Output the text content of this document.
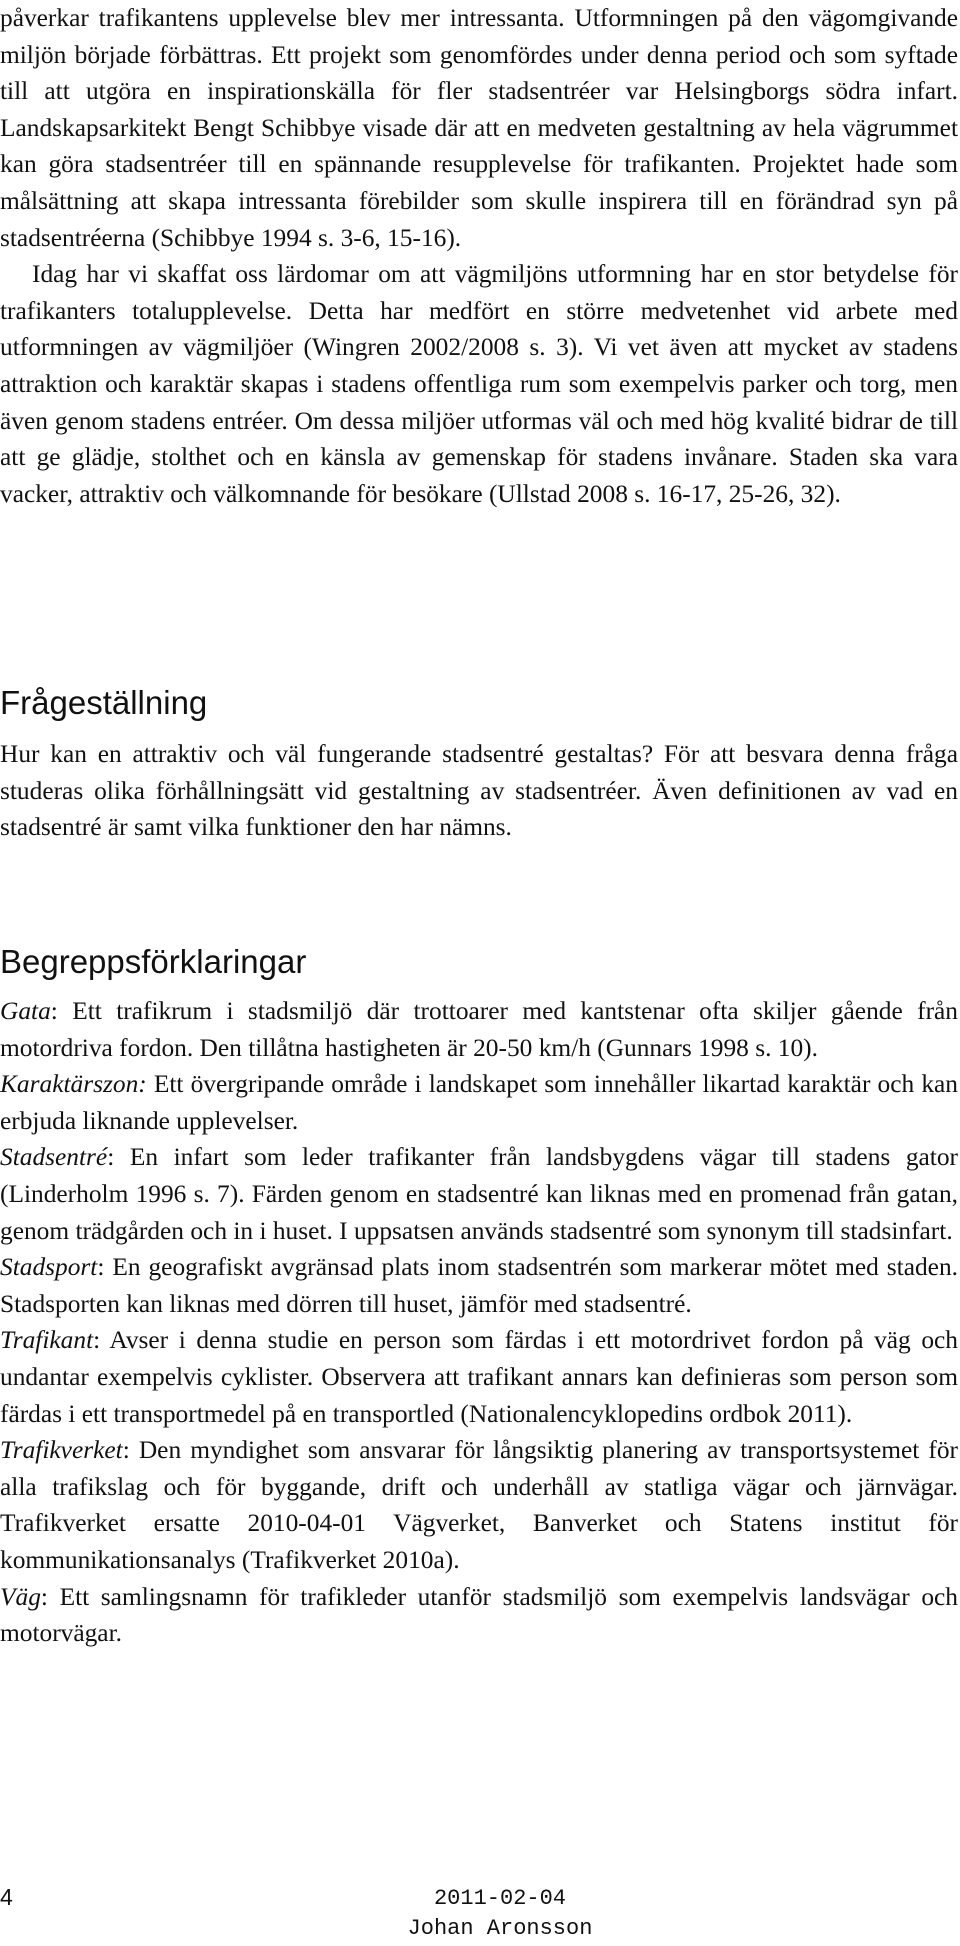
påverkar trafikantens upplevelse blev mer intressanta. Utformningen på den vägomgivande miljön började förbättras. Ett projekt som genomfördes under denna period och som syftade till att utgöra en inspirationskälla för fler stadsentréer var Helsingborgs södra infart. Landskapsarkitekt Bengt Schibbye visade där att en medveten gestaltning av hela vägrummet kan göra stadsentréer till en spännande resupplevelse för trafikanten. Projektet hade som målsättning att skapa intressanta förebilder som skulle inspirera till en förändrad syn på stadsentréerna (Schibbye 1994 s. 3-6, 15-16).

Idag har vi skaffat oss lärdomar om att vägmiljöns utformning har en stor betydelse för trafikanters totalupplevelse. Detta har medfört en större medvetenhet vid arbete med utformningen av vägmiljöer (Wingren 2002/2008 s. 3). Vi vet även att mycket av stadens attraktion och karaktär skapas i stadens offentliga rum som exempelvis parker och torg, men även genom stadens entréer. Om dessa miljöer utformas väl och med hög kvalité bidrar de till att ge glädje, stolthet och en känsla av gemenskap för stadens invånare. Staden ska vara vacker, attraktiv och välkomnande för besökare (Ullstad 2008 s. 16-17, 25-26, 32).

Frågeställning

Hur kan en attraktiv och väl fungerande stadsentré gestaltas? För att besvara denna fråga studeras olika förhållningsätt vid gestaltning av stadsentréer. Även definitionen av vad en stadsentré är samt vilka funktioner den har nämns.

Begreppsförklaringar

Gata: Ett trafikrum i stadsmiljö där trottoarer med kantstenar ofta skiljer gående från motordriva fordon. Den tillåtna hastigheten är 20-50 km/h (Gunnars 1998 s. 10).

Karaktärszon: Ett övergripande område i landskapet som innehåller likartad karaktär och kan erbjuda liknande upplevelser.

Stadsentré: En infart som leder trafikanter från landsbygdens vägar till stadens gator (Linderholm 1996 s. 7). Färden genom en stadsentré kan liknas med en promenad från gatan, genom trädgården och in i huset. I uppsatsen används stadsentré som synonym till stadsinfart.

Stadsport: En geografiskt avgränsad plats inom stadsentrén som markerar mötet med staden. Stadsporten kan liknas med dörren till huset, jämför med stadsentré.

Trafikant: Avser i denna studie en person som färdas i ett motordrivet fordon på väg och undantar exempelvis cyklister. Observera att trafikant annars kan definieras som person som färdas i ett transportmedel på en transportled (Nationalencyklopedins ordbok 2011).

Trafikverket: Den myndighet som ansvarar för långsiktig planering av transportsystemet för alla trafikslag och för byggande, drift och underhåll av statliga vägar och järnvägar. Trafikverket ersatte 2010-04-01 Vägverket, Banverket och Statens institut för kommunikationsanalys (Trafikverket 2010a).

Väg: Ett samlingsnamn för trafikleder utanför stadsmiljö som exempelvis landsvägar och motorvägar.

4	2011-02-04
Johan Aronsson
